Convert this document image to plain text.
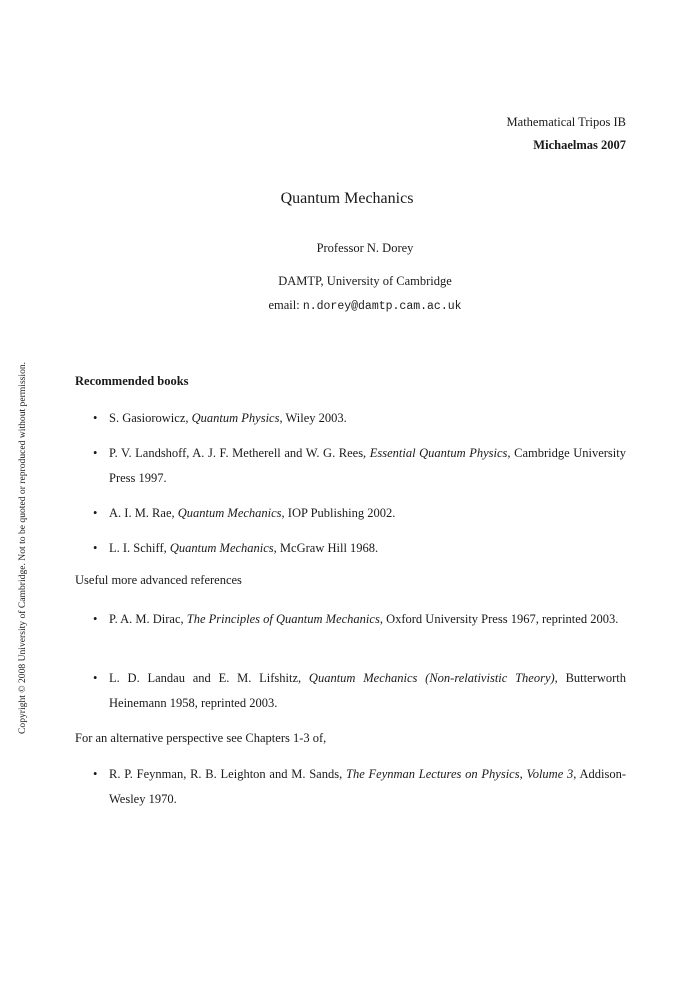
Mathematical Tripos IB
Michaelmas 2007
Quantum Mechanics
Professor N. Dorey
DAMTP, University of Cambridge
email: n.dorey@damtp.cam.ac.uk
Copyright © 2008 University of Cambridge. Not to be quoted or reproduced without permission.	Recommended books
• S. Gasiorowicz, Quantum Physics, Wiley 2003.
• P. V. Landshoff, A. J. F. Metherell and W. G. Rees, Essential Quantum Physics, Cambridge University Press 1997.
• A. I. M. Rae, Quantum Mechanics, IOP Publishing 2002.
• L. I. Schiff, Quantum Mechanics, McGraw Hill 1968.
Useful more advanced references
• P. A. M. Dirac, The Principles of Quantum Mechanics, Oxford University Press 1967, reprinted 2003.
• L. D. Landau and E. M. Lifshitz, Quantum Mechanics (Non-relativistic Theory), Butterworth Heinemann 1958, reprinted 2003.
For an alternative perspective see Chapters 1-3 of,
• R. P. Feynman, R. B. Leighton and M. Sands, The Feynman Lectures on Physics, Volume 3, Addison-Wesley 1970.
